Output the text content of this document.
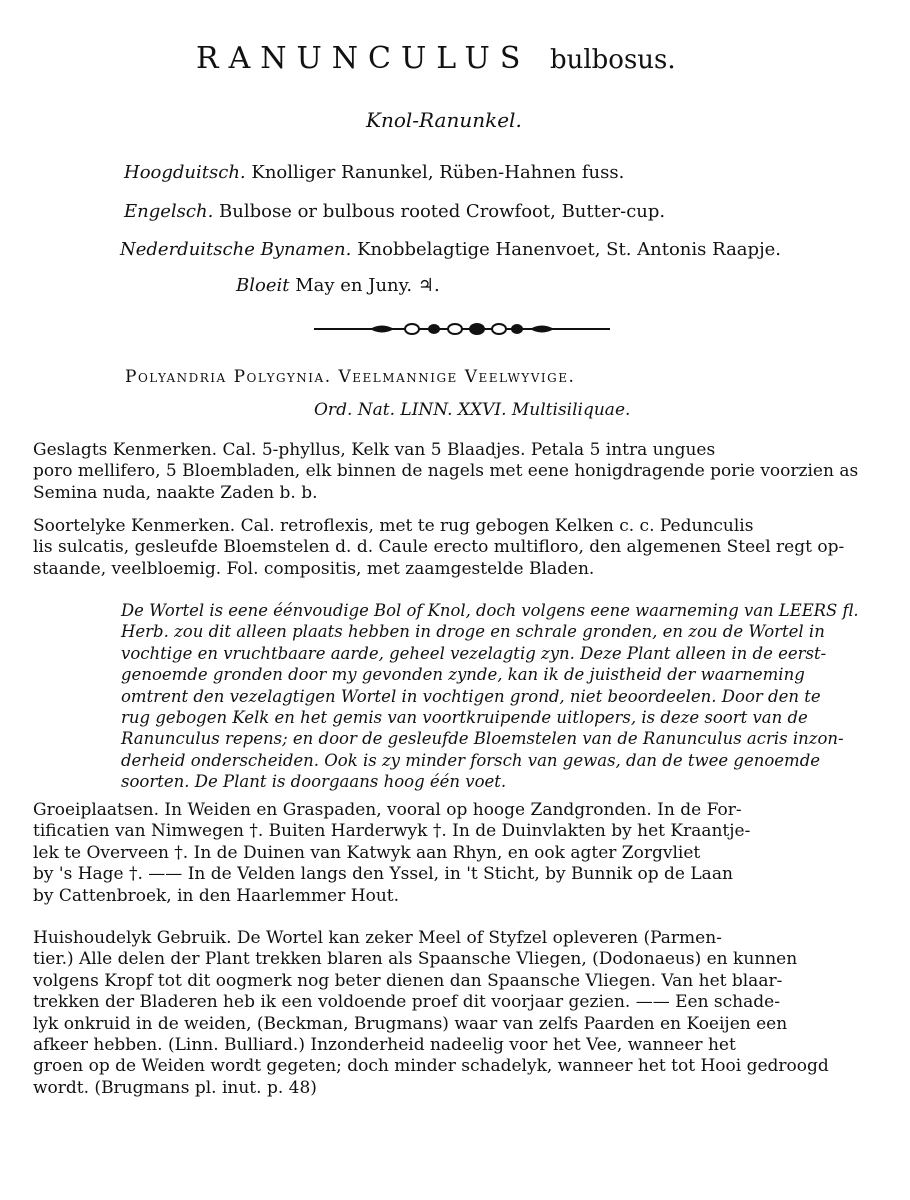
RANUNCULUS bulbosus.
Knol-Ranunkel.
Hoogduitsch. Knolliger Ranunkel, Rüben-Hahnen fuss.
Engelsch. Bulbose or bulbous rooted Crowfoot, Butter-cup.
Nederduitsche Bynamen. Knobbelagtige Hanenvoet, St. Antonis Raapje.
Bloeit May en Juny. ♃.
Polyandria Polygynia. Veelmannige Veelwyvige.
Ord. Nat. LINN. XXVI. Multisiliquae.
Geslagts Kenmerken. Cal. 5-phyllus, Kelk van 5 Blaadjes. Petala 5 intra ungues
poro mellifero, 5 Bloembladen, elk binnen de nagels met eene honigdragende porie voorzien as
Semina nuda, naakte Zaden b. b.
Soortelyke Kenmerken. Cal. retroflexis, met te rug gebogen Kelken c. c. Pedunculis
lis sulcatis, gesleufde Bloemstelen d. d. Caule erecto multifloro, den algemenen Steel regt op-
staande, veelbloemig. Fol. compositis, met zaamgestelde Bladen.
De Wortel is eene éénvoudige Bol of Knol, doch volgens eene waarneming van LEERS fl.
Herb. zou dit alleen plaats hebben in droge en schrale gronden, en zou de Wortel in
vochtige en vruchtbaare aarde, geheel vezelagtig zyn. Deze Plant alleen in de eerst-
genoemde gronden door my gevonden zynde, kan ik de juistheid der waarneming
omtrent den vezelagtigen Wortel in vochtigen grond, niet beoordeelen. Door den te
rug gebogen Kelk en het gemis van voortkruipende uitlopers, is deze soort van de
Ranunculus repens; en door de gesleufde Bloemstelen van de Ranunculus acris inzon-
derheid onderscheiden. Ook is zy minder forsch van gewas, dan de twee genoemde
soorten. De Plant is doorgaans hoog één voet.
Groeiplaatsen. In Weiden en Graspaden, vooral op hooge Zandgronden. In de For-
tificatien van Nimwegen †. Buiten Harderwyk †. In de Duinvlakten by het Kraantje-
lek te Overveen †. In de Duinen van Katwyk aan Rhyn, en ook agter Zorgvliet
by 's Hage †. —— In de Velden langs den Yssel, in 't Sticht, by Bunnik op de Laan
by Cattenbroek, in den Haarlemmer Hout.
Huishoudelyk Gebruik. De Wortel kan zeker Meel of Styfzel opleveren (Parmen-
tier.) Alle delen der Plant trekken blaren als Spaansche Vliegen, (Dodonaeus) en kunnen
volgens Kropf tot dit oogmerk nog beter dienen dan Spaansche Vliegen. Van het blaar-
trekken der Bladeren heb ik een voldoende proef dit voorjaar gezien. —— Een schade-
lyk onkruid in de weiden, (Beckman, Brugmans) waar van zelfs Paarden en Koeijen een
afkeer hebben. (Linn. Bulliard.) Inzonderheid nadeelig voor het Vee, wanneer het
groen op de Weiden wordt gegeten; doch minder schadelyk, wanneer het tot Hooi gedroogd
wordt. (Brugmans pl. inut. p. 48)
